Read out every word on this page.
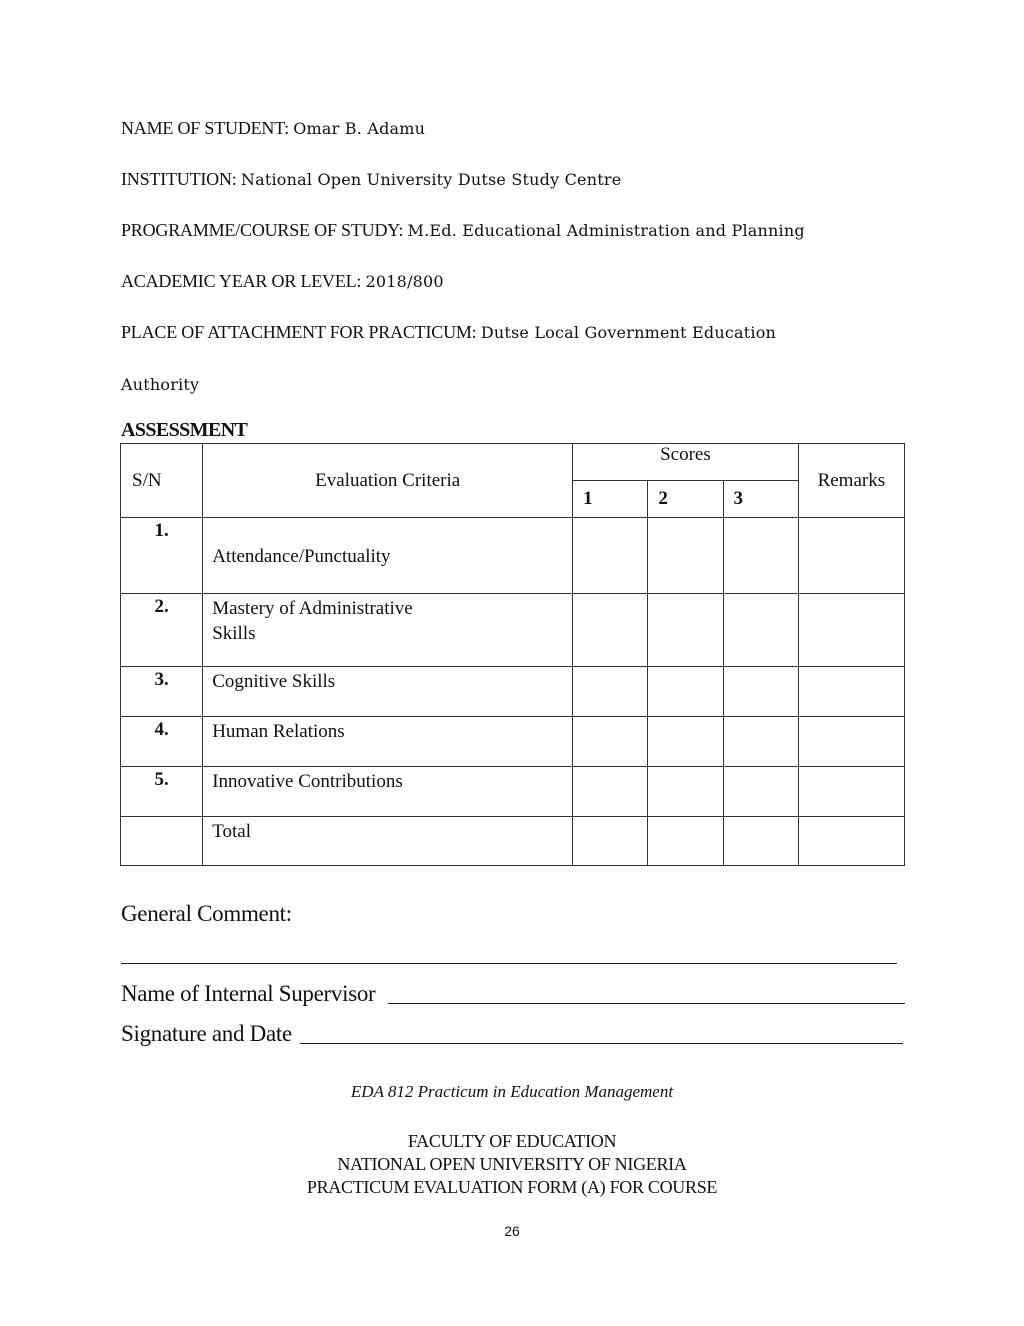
NAME OF STUDENT: Omar B. Adamu
INSTITUTION: National Open University Dutse Study Centre
PROGRAMME/COURSE OF STUDY: M.Ed. Educational Administration and Planning
ACADEMIC YEAR OR LEVEL: 2018/800
PLACE OF ATTACHMENT FOR PRACTICUM: Dutse Local Government Education
Authority
ASSESSMENT
S/N	Evaluation Criteria	Scores			Remarks
		1	2	3	
1.	Attendance/Punctuality				
2.	Mastery of Administrative
Skills				

3.	Cognitive Skills				
4.	Human Relations				
5.	Innovative Contributions				
	Total				
General Comment:
Name of Internal Supervisor
Signature and Date
EDA 812 Practicum in Education Management
FACULTY OF EDUCATION
NATIONAL OPEN UNIVERSITY OF NIGERIA
PRACTICUM EVALUATION FORM (A) FOR COURSE
26
